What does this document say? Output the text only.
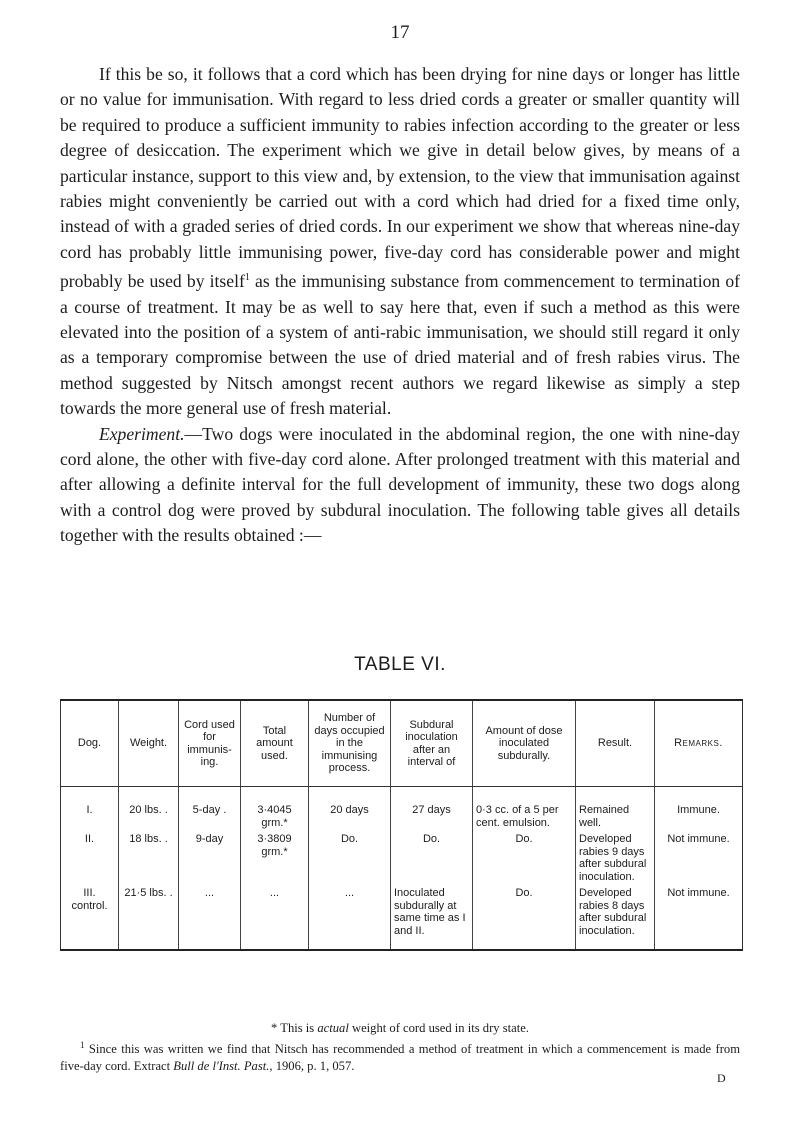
17

If this be so, it follows that a cord which has been drying for nine days or longer has little or no value for immunisation. With regard to less dried cords a greater or smaller quantity will be required to produce a sufficient immunity to rabies infection according to the greater or less degree of desiccation. The experiment which we give in detail below gives, by means of a particular instance, support to this view and, by extension, to the view that immunisation against rabies might conveniently be carried out with a cord which had dried for a fixed time only, instead of with a graded series of dried cords. In our experiment we show that whereas nine-day cord has probably little immunising power, five-day cord has considerable power and might probably be used by itself$^1$ as the immunising substance from commencement to termination of a course of treatment. It may be as well to say here that, even if such a method as this were elevated into the position of a system of anti-rabic immunisation, we should still regard it only as a temporary compromise between the use of dried material and of fresh rabies virus. The method suggested by Nitsch amongst recent authors we regard likewise as simply a step towards the more general use of fresh material.

Experiment.—Two dogs were inoculated in the abdominal region, the one with nine-day cord alone, the other with five-day cord alone. After prolonged treatment with this material and after allowing a definite interval for the full development of immunity, these two dogs along with a control dog were proved by subdural inoculation. The following table gives all details together with the results obtained :—

TABLE VI.
Dog.	Weight.	Cord used for immunising.	Total amount used.	Number of days occupied in the immunising process.	Subdural inoculation after an interval of	Amount of dose inoculated subdurally.	Result.	Remarks.
I.	20 lbs. .	5-day .	3·4045 grm.*	20 days	27 days	0·3 cc. of a 5 per cent. emulsion.	Remained well.	Immune.
II.	18 lbs. .	9-day	3·3809 grm.*	Do.	Do.	Do.	Developed rabies 9 days after subdural inoculation.	Not immune.
III. control.	21·5 lbs. .	...	...	...	Inoculated subdurally at same time as I and II.	Do.	Developed rabies 8 days after subdural inoculation.	Not immune.

* This is actual weight of cord used in its dry state.

$^1$ Since this was written we find that Nitsch has recommended a method of treatment in which a commencement is made from five-day cord. Extract Bull de l'Inst. Past., 1906, p. 1, 057.

D
